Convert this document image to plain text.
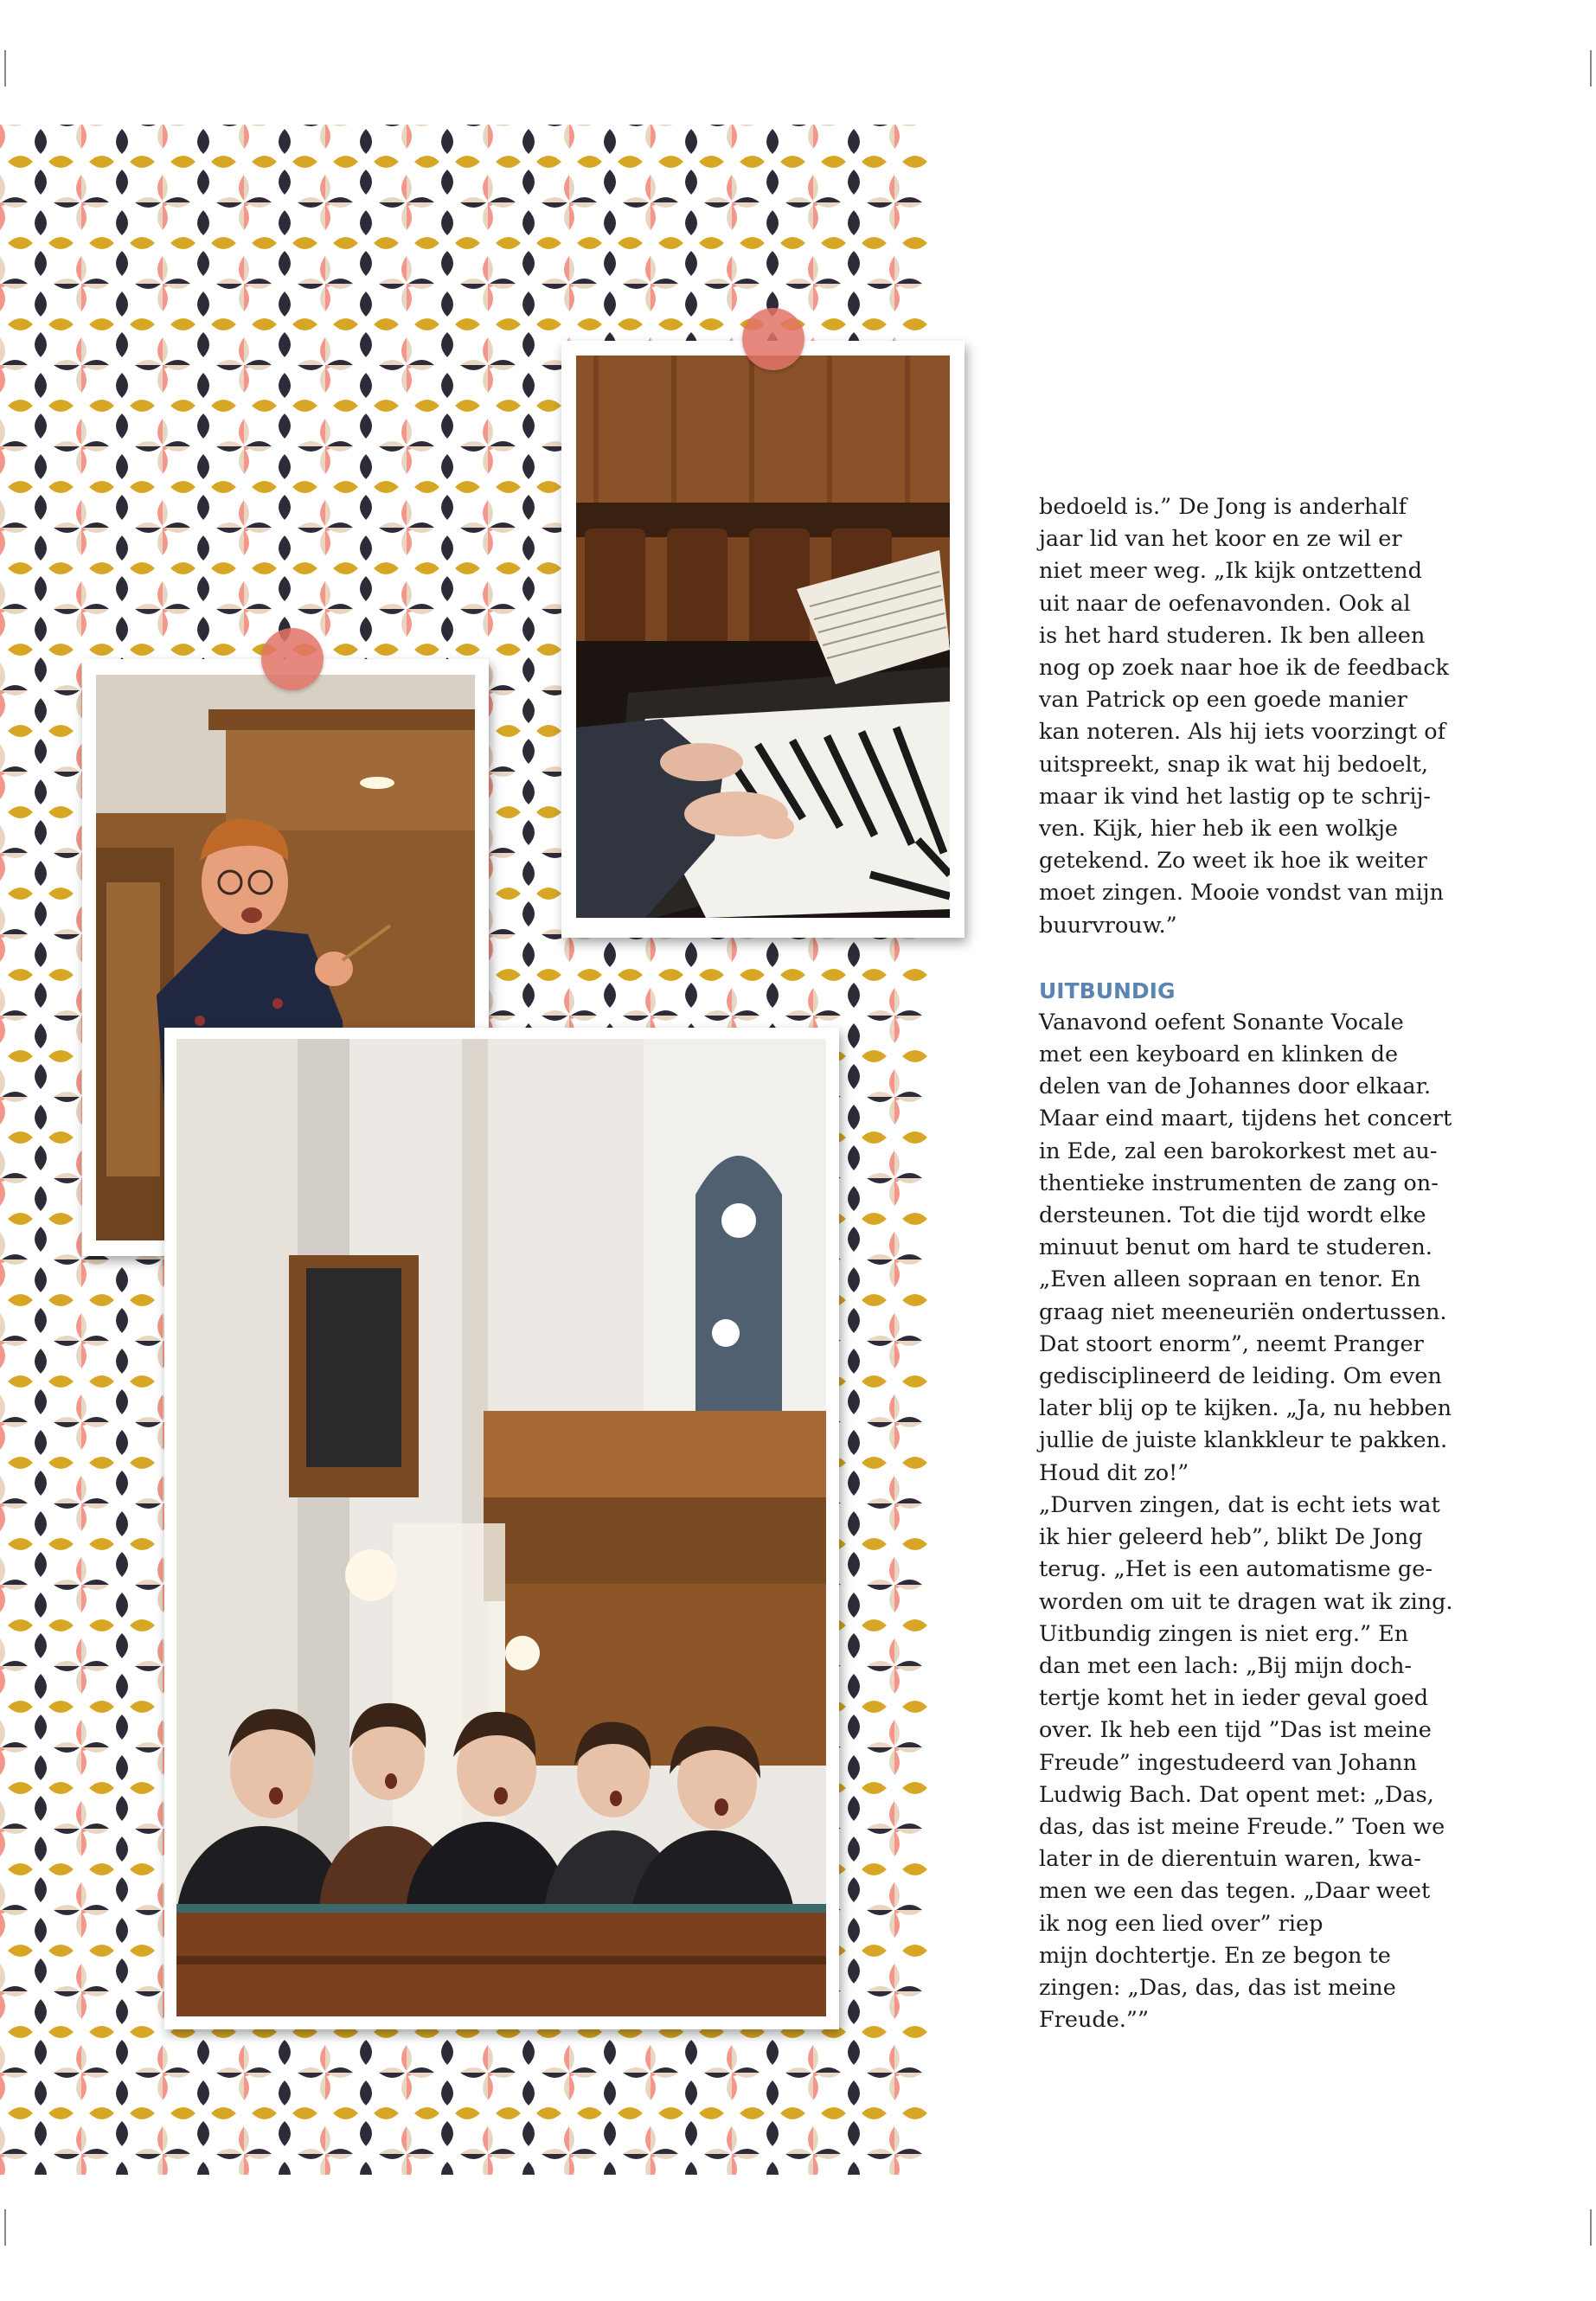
bedoeld is.” De Jong is anderhalf
jaar lid van het koor en ze wil er
niet meer weg. „Ik kijk ontzettend
uit naar de oefenavonden. Ook al
is het hard studeren. Ik ben alleen
nog op zoek naar hoe ik de feedback
van Patrick op een goede manier
kan noteren. Als hij iets voorzingt of
uitspreekt, snap ik wat hij bedoelt,
maar ik vind het lastig op te schrij-
ven. Kijk, hier heb ik een wolkje
getekend. Zo weet ik hoe ik weiter
moet zingen. Mooie vondst van mijn
buurvrouw.”

UITBUNDIG

Vanavond oefent Sonante Vocale
met een keyboard en klinken de
delen van de Johannes door elkaar.
Maar eind maart, tijdens het concert
in Ede, zal een barokorkest met au-
thentieke instrumenten de zang on-
dersteunen. Tot die tijd wordt elke
minuut benut om hard te studeren.
„Even alleen sopraan en tenor. En
graag niet meeneuriën ondertussen.
Dat stoort enorm”, neemt Pranger
gedisciplineerd de leiding. Om even
later blij op te kijken. „Ja, nu hebben
jullie de juiste klankkleur te pakken.
Houd dit zo!”

„Durven zingen, dat is echt iets wat
ik hier geleerd heb”, blikt De Jong
terug. „Het is een automatisme ge-
worden om uit te dragen wat ik zing.
Uitbundig zingen is niet erg.” En
dan met een lach: „Bij mijn doch-
tertje komt het in ieder geval goed
over. Ik heb een tijd ”Das ist meine
Freude” ingestudeerd van Johann
Ludwig Bach. Dat opent met: „Das,
das, das ist meine Freude.” Toen we
later in de dierentuin waren, kwa-
men we een das tegen. „Daar weet
ik nog een lied over” riep
mijn dochtertje. En ze begon te
zingen: „Das, das, das ist meine
Freude.””
